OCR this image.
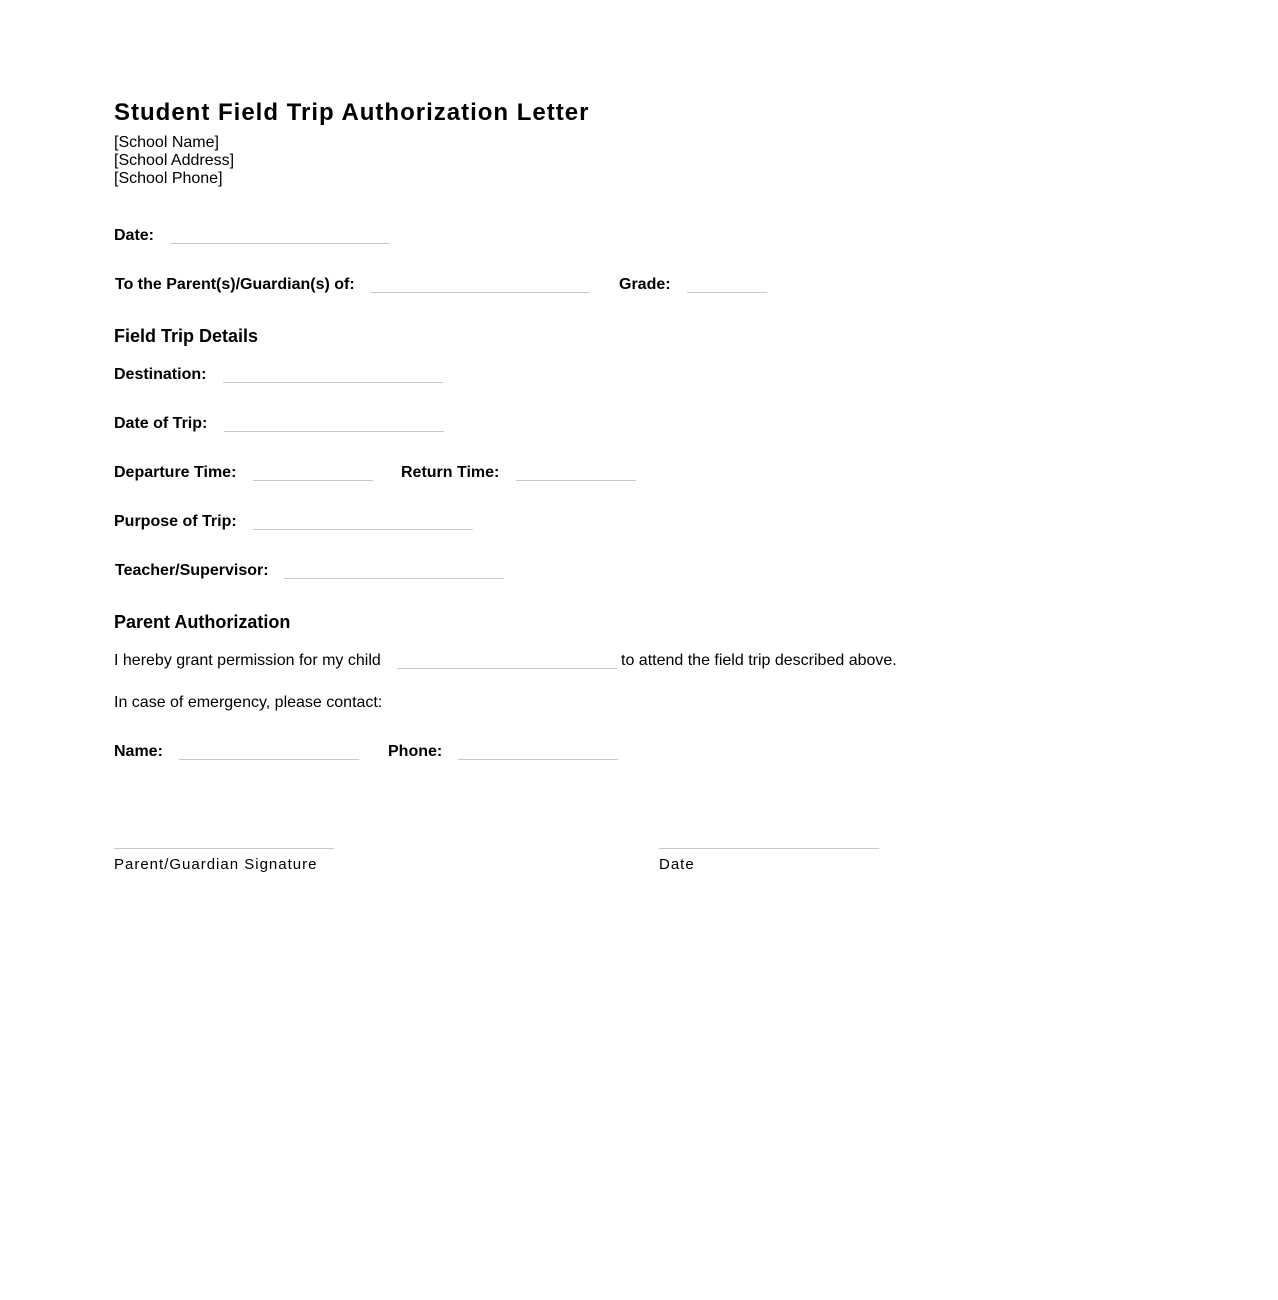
Student Field Trip Authorization Letter
[School Name]
[School Address]
[School Phone]
Date:
To the Parent(s)/Guardian(s) of:	Grade:
Field Trip Details
Destination:
Date of Trip:
Departure Time:	Return Time:
Purpose of Trip:
Teacher/Supervisor:
Parent Authorization
I hereby grant permission for my child	to attend the field trip described above.
In case of emergency, please contact:
Name:	Phone:
Parent/Guardian Signature	Date
